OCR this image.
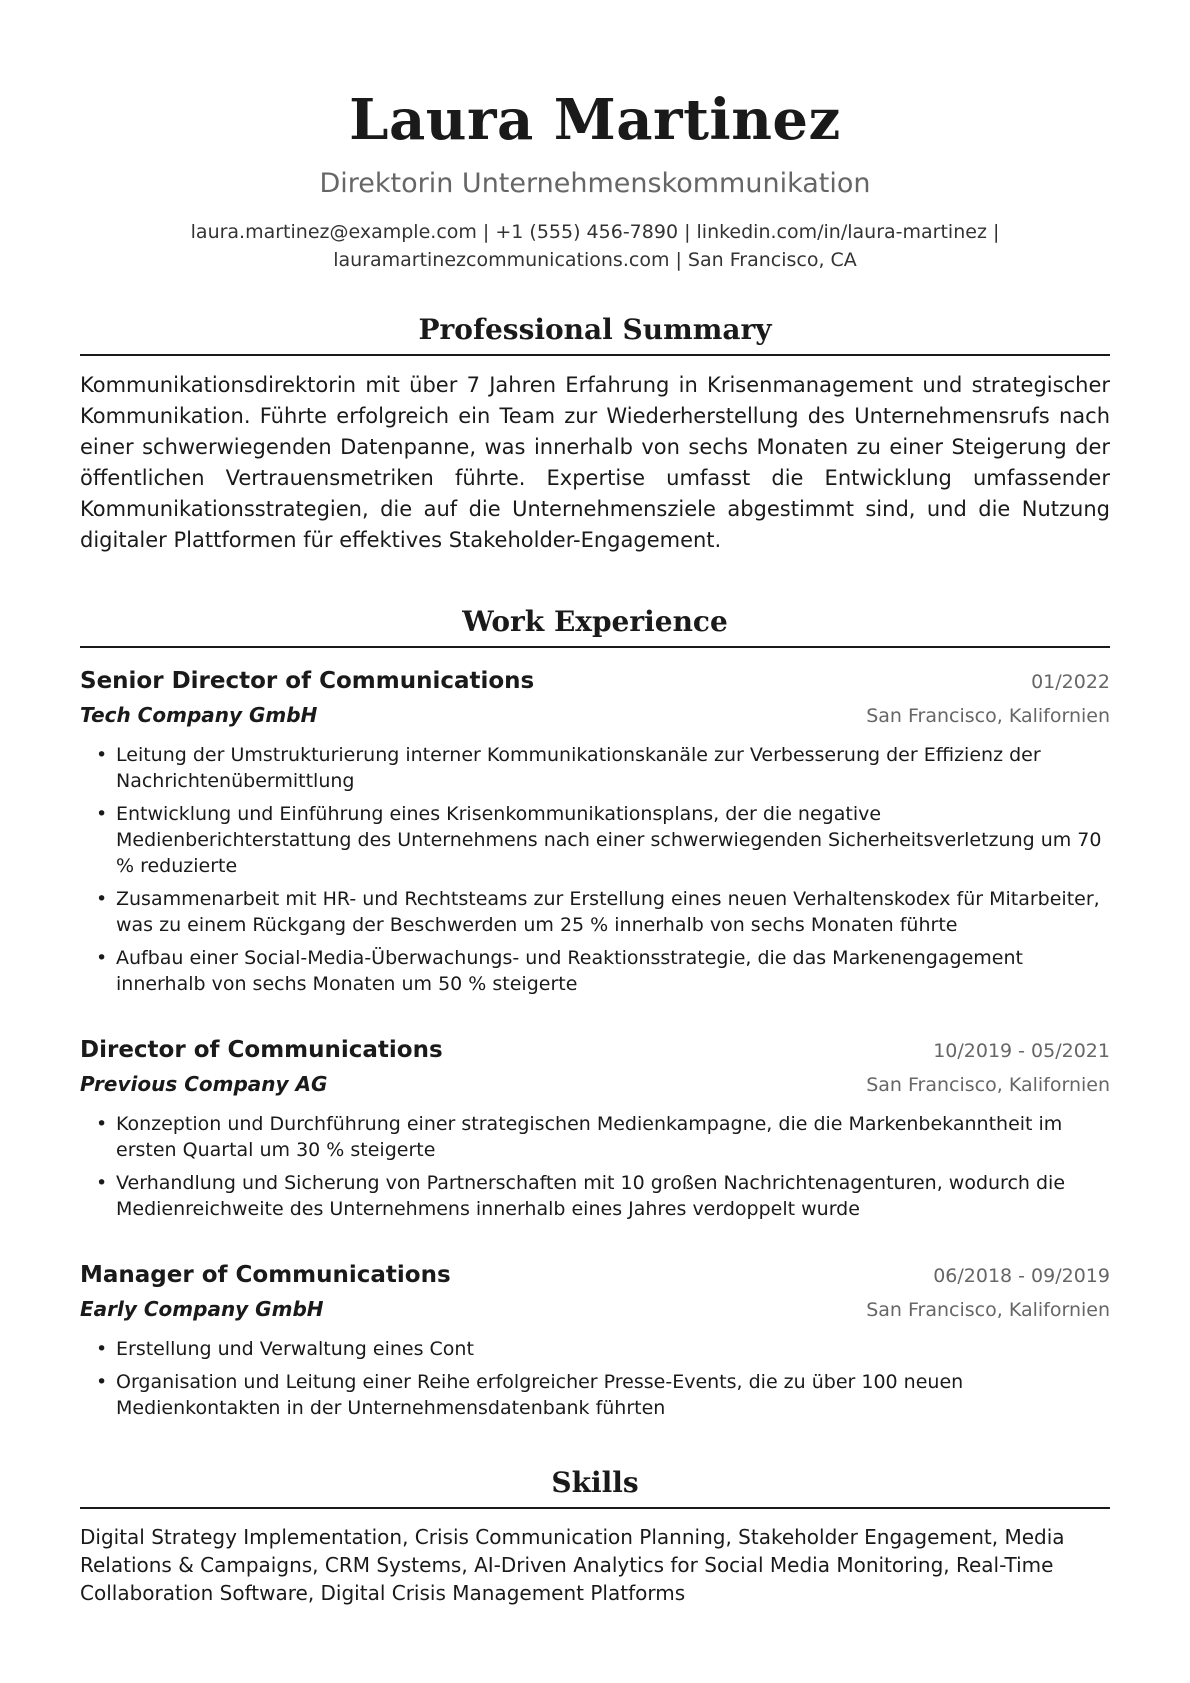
Laura Martinez
Direktorin Unternehmenskommunikation
laura.martinez@example.com | +1 (555) 456-7890 | linkedin.com/in/laura-martinez |
lauramartinezcommunications.com | San Francisco, CA
Professional Summary

Kommunikationsdirektorin mit über 7 Jahren Erfahrung in Krisenmanagement und strategischer Kommunikation. Führte erfolgreich ein Team zur Wiederherstellung des Unternehmensrufs nach einer schwerwiegenden Datenpanne, was innerhalb von sechs Monaten zu einer Steigerung der öffentlichen Vertrauensmetriken führte. Expertise umfasst die Entwicklung umfassender Kommunikationsstrategien, die auf die Unternehmensziele abgestimmt sind, und die Nutzung digitaler Plattformen für effektives Stakeholder-Engagement.

Work Experience
Senior Director of Communications	01/2022
Tech Company GmbH	San Francisco, Kalifornien
• Leitung der Umstrukturierung interner Kommunikationskanäle zur Verbesserung der Effizienz der Nachrichtenübermittlung
• Entwicklung und Einführung eines Krisenkommunikationsplans, der die negative Medienberichterstattung des Unternehmens nach einer schwerwiegenden Sicherheitsverletzung um 70 % reduzierte
• Zusammenarbeit mit HR- und Rechtsteams zur Erstellung eines neuen Verhaltenskodex für Mitarbeiter, was zu einem Rückgang der Beschwerden um 25 % innerhalb von sechs Monaten führte
• Aufbau einer Social-Media-Überwachungs- und Reaktionsstrategie, die das Markenengagement innerhalb von sechs Monaten um 50 % steigerte
Director of Communications	10/2019 - 05/2021
Previous Company AG	San Francisco, Kalifornien
• Konzeption und Durchführung einer strategischen Medienkampagne, die die Markenbekanntheit im ersten Quartal um 30 % steigerte
• Verhandlung und Sicherung von Partnerschaften mit 10 großen Nachrichtenagenturen, wodurch die Medienreichweite des Unternehmens innerhalb eines Jahres verdoppelt wurde
Manager of Communications	06/2018 - 09/2019
Early Company GmbH	San Francisco, Kalifornien
• Erstellung und Verwaltung eines Cont
• Organisation und Leitung einer Reihe erfolgreicher Presse-Events, die zu über 100 neuen Medienkontakten in der Unternehmensdatenbank führten
Skills

Digital Strategy Implementation, Crisis Communication Planning, Stakeholder Engagement, Media Relations & Campaigns, CRM Systems, AI-Driven Analytics for Social Media Monitoring, Real-Time Collaboration Software, Digital Crisis Management Platforms
